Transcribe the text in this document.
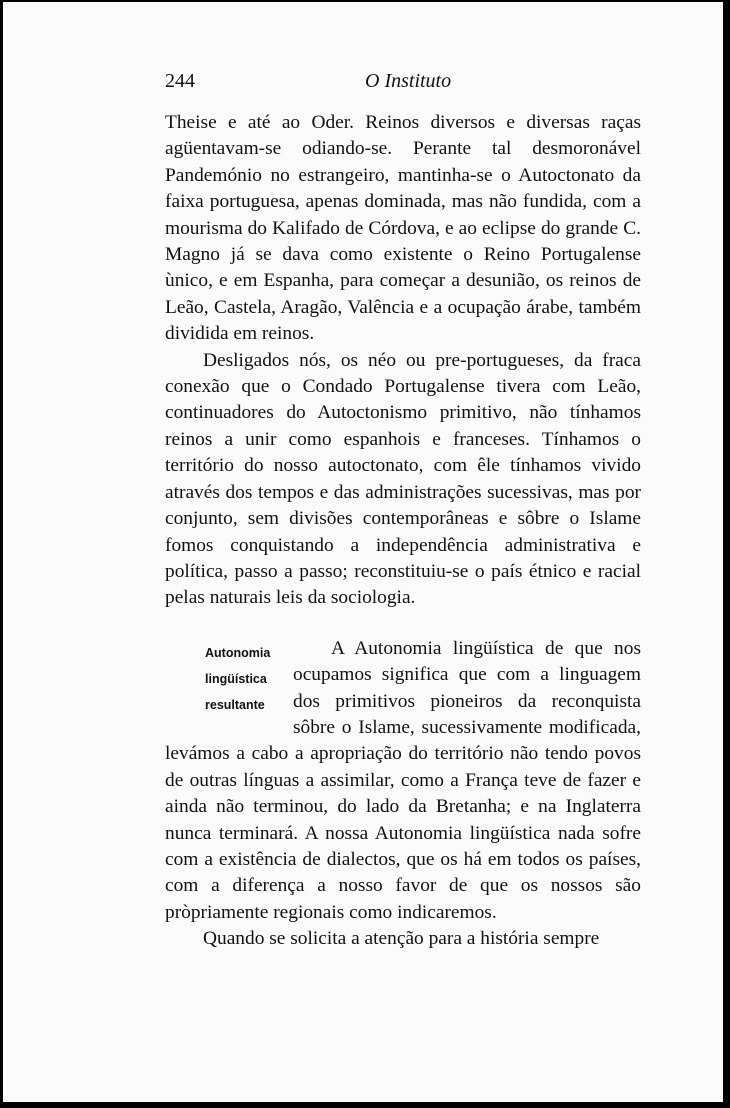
244	O Instituto

Theise e até ao Oder. Reinos diversos e diversas raças agüentavam-se odiando-se. Perante tal desmoronável Pandemónio no estrangeiro, mantinha-se o Autoctonato da faixa portuguesa, apenas dominada, mas não fundida, com a mourisma do Kalifado de Córdova, e ao eclipse do grande C. Magno já se dava como existente o Reino Portugalense ùnico, e em Espanha, para começar a desunião, os reinos de Leão, Castela, Aragão, Valência e a ocupação árabe, também dividida em reinos.

Desligados nós, os néo ou pre-portugueses, da fraca conexão que o Condado Portugalense tivera com Leão, continuadores do Autoctonismo primitivo, não tínhamos reinos a unir como espanhois e franceses. Tínhamos o território do nosso autoctonato, com êle tínhamos vivido através dos tempos e das administrações sucessivas, mas por conjunto, sem divisões contemporâneas e sôbre o Islame fomos conquistando a independência administrativa e política, passo a passo; reconstituiu-se o país étnico e racial pelas naturais leis da sociologia.

Autonomia
lingüística
resultante

A Autonomia lingüística de que nos ocupamos significa que com a linguagem dos primitivos pioneiros da reconquista sôbre o Islame, sucessivamente modificada, levámos a cabo a apropriação do território não tendo povos de outras línguas a assimilar, como a França teve de fazer e ainda não terminou, do lado da Bretanha; e na Inglaterra nunca terminará. A nossa Autonomia lingüística nada sofre com a existência de dialectos, que os há em todos os países, com a diferença a nosso favor de que os nossos são pròpriamente regionais como indicaremos.

Quando se solicita a atenção para a história sempre
